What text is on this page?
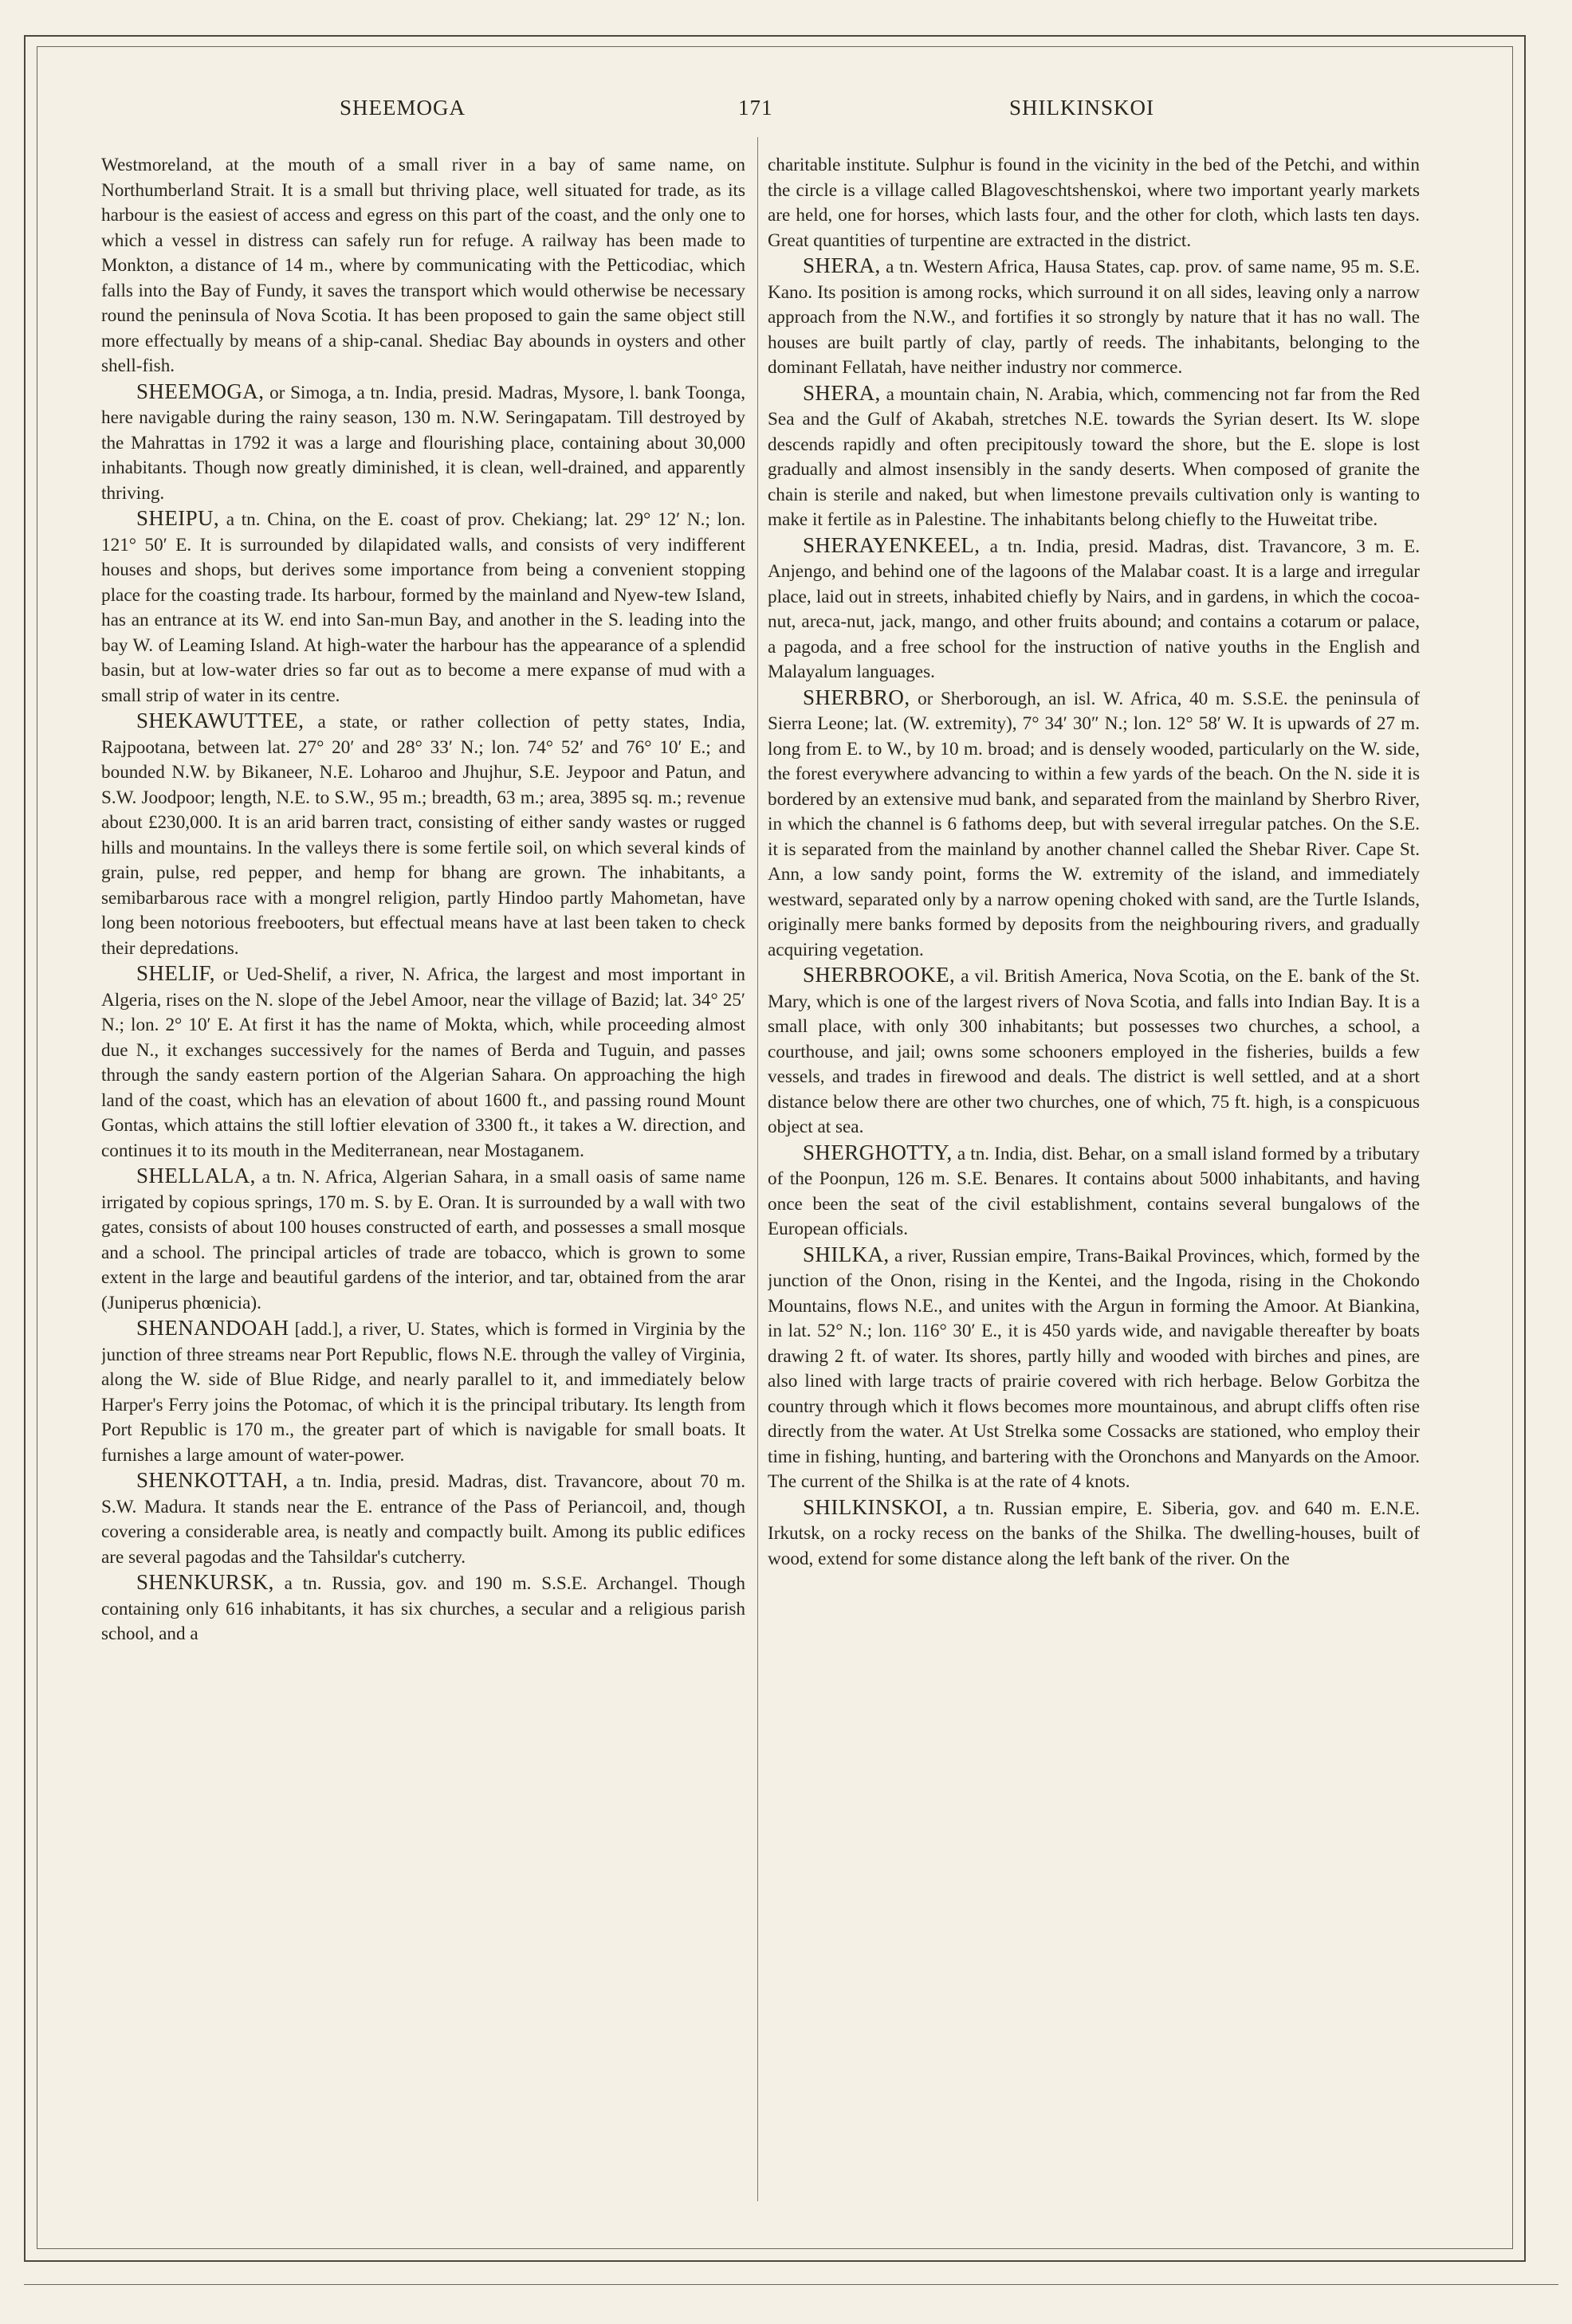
SHEEMOGA	171	SHILKINSKOI

Westmoreland, at the mouth of a small river in a bay of same name, on Northumberland Strait. It is a small but thriving place, well situated for trade, as its harbour is the easiest of access and egress on this part of the coast, and the only one to which a vessel in distress can safely run for refuge. A railway has been made to Monkton, a distance of 14 m., where by communicating with the Petticodiac, which falls into the Bay of Fundy, it saves the transport which would otherwise be necessary round the peninsula of Nova Scotia. It has been proposed to gain the same object still more effectually by means of a ship-canal. Shediac Bay abounds in oysters and other shell-fish.

SHEEMOGA, or Simoga, a tn. India, presid. Madras, Mysore, l. bank Toonga, here navigable during the rainy season, 130 m. N.W. Seringapatam. Till destroyed by the Mahrattas in 1792 it was a large and flourishing place, containing about 30,000 inhabitants. Though now greatly diminished, it is clean, well-drained, and apparently thriving.

SHEIPU, a tn. China, on the E. coast of prov. Chekiang; lat. 29° 12′ N.; lon. 121° 50′ E. It is surrounded by dilapidated walls, and consists of very indifferent houses and shops, but derives some importance from being a convenient stopping place for the coasting trade. Its harbour, formed by the mainland and Nyew-tew Island, has an entrance at its W. end into San-mun Bay, and another in the S. leading into the bay W. of Leaming Island. At high-water the harbour has the appearance of a splendid basin, but at low-water dries so far out as to become a mere expanse of mud with a small strip of water in its centre.

SHEKAWUTTEE, a state, or rather collection of petty states, India, Rajpootana, between lat. 27° 20′ and 28° 33′ N.; lon. 74° 52′ and 76° 10′ E.; and bounded N.W. by Bikaneer, N.E. Loharoo and Jhujhur, S.E. Jeypoor and Patun, and S.W. Joodpoor; length, N.E. to S.W., 95 m.; breadth, 63 m.; area, 3895 sq. m.; revenue about £230,000. It is an arid barren tract, consisting of either sandy wastes or rugged hills and mountains. In the valleys there is some fertile soil, on which several kinds of grain, pulse, red pepper, and hemp for bhang are grown. The inhabitants, a semibarbarous race with a mongrel religion, partly Hindoo partly Mahometan, have long been notorious freebooters, but effectual means have at last been taken to check their depredations.

SHELIF, or Ued-Shelif, a river, N. Africa, the largest and most important in Algeria, rises on the N. slope of the Jebel Amoor, near the village of Bazid; lat. 34° 25′ N.; lon. 2° 10′ E. At first it has the name of Mokta, which, while proceeding almost due N., it exchanges successively for the names of Berda and Tuguin, and passes through the sandy eastern portion of the Algerian Sahara. On approaching the high land of the coast, which has an elevation of about 1600 ft., and passing round Mount Gontas, which attains the still loftier elevation of 3300 ft., it takes a W. direction, and continues it to its mouth in the Mediterranean, near Mostaganem.

SHELLALA, a tn. N. Africa, Algerian Sahara, in a small oasis of same name irrigated by copious springs, 170 m. S. by E. Oran. It is surrounded by a wall with two gates, consists of about 100 houses constructed of earth, and possesses a small mosque and a school. The principal articles of trade are tobacco, which is grown to some extent in the large and beautiful gardens of the interior, and tar, obtained from the arar (Juniperus phœnicia).

SHENANDOAH [add.], a river, U. States, which is formed in Virginia by the junction of three streams near Port Republic, flows N.E. through the valley of Virginia, along the W. side of Blue Ridge, and nearly parallel to it, and immediately below Harper's Ferry joins the Potomac, of which it is the principal tributary. Its length from Port Republic is 170 m., the greater part of which is navigable for small boats. It furnishes a large amount of water-power.

SHENKOTTAH, a tn. India, presid. Madras, dist. Travancore, about 70 m. S.W. Madura. It stands near the E. entrance of the Pass of Periancoil, and, though covering a considerable area, is neatly and compactly built. Among its public edifices are several pagodas and the Tahsildar's cutcherry.

SHENKURSK, a tn. Russia, gov. and 190 m. S.S.E. Archangel. Though containing only 616 inhabitants, it has six churches, a secular and a religious parish school, and a

charitable institute. Sulphur is found in the vicinity in the bed of the Petchi, and within the circle is a village called Blagoveschtshenskoi, where two important yearly markets are held, one for horses, which lasts four, and the other for cloth, which lasts ten days. Great quantities of turpentine are extracted in the district.

SHERA, a tn. Western Africa, Hausa States, cap. prov. of same name, 95 m. S.E. Kano. Its position is among rocks, which surround it on all sides, leaving only a narrow approach from the N.W., and fortifies it so strongly by nature that it has no wall. The houses are built partly of clay, partly of reeds. The inhabitants, belonging to the dominant Fellatah, have neither industry nor commerce.

SHERA, a mountain chain, N. Arabia, which, commencing not far from the Red Sea and the Gulf of Akabah, stretches N.E. towards the Syrian desert. Its W. slope descends rapidly and often precipitously toward the shore, but the E. slope is lost gradually and almost insensibly in the sandy deserts. When composed of granite the chain is sterile and naked, but when limestone prevails cultivation only is wanting to make it fertile as in Palestine. The inhabitants belong chiefly to the Huweitat tribe.

SHERAYENKEEL, a tn. India, presid. Madras, dist. Travancore, 3 m. E. Anjengo, and behind one of the lagoons of the Malabar coast. It is a large and irregular place, laid out in streets, inhabited chiefly by Nairs, and in gardens, in which the cocoa-nut, areca-nut, jack, mango, and other fruits abound; and contains a cotarum or palace, a pagoda, and a free school for the instruction of native youths in the English and Malayalum languages.

SHERBRO, or Sherborough, an isl. W. Africa, 40 m. S.S.E. the peninsula of Sierra Leone; lat. (W. extremity), 7° 34′ 30″ N.; lon. 12° 58′ W. It is upwards of 27 m. long from E. to W., by 10 m. broad; and is densely wooded, particularly on the W. side, the forest everywhere advancing to within a few yards of the beach. On the N. side it is bordered by an extensive mud bank, and separated from the mainland by Sherbro River, in which the channel is 6 fathoms deep, but with several irregular patches. On the S.E. it is separated from the mainland by another channel called the Shebar River. Cape St. Ann, a low sandy point, forms the W. extremity of the island, and immediately westward, separated only by a narrow opening choked with sand, are the Turtle Islands, originally mere banks formed by deposits from the neighbouring rivers, and gradually acquiring vegetation.

SHERBROOKE, a vil. British America, Nova Scotia, on the E. bank of the St. Mary, which is one of the largest rivers of Nova Scotia, and falls into Indian Bay. It is a small place, with only 300 inhabitants; but possesses two churches, a school, a courthouse, and jail; owns some schooners employed in the fisheries, builds a few vessels, and trades in firewood and deals. The district is well settled, and at a short distance below there are other two churches, one of which, 75 ft. high, is a conspicuous object at sea.

SHERGHOTTY, a tn. India, dist. Behar, on a small island formed by a tributary of the Poonpun, 126 m. S.E. Benares. It contains about 5000 inhabitants, and having once been the seat of the civil establishment, contains several bungalows of the European officials.

SHILKA, a river, Russian empire, Trans-Baikal Provinces, which, formed by the junction of the Onon, rising in the Kentei, and the Ingoda, rising in the Chokondo Mountains, flows N.E., and unites with the Argun in forming the Amoor. At Biankina, in lat. 52° N.; lon. 116° 30′ E., it is 450 yards wide, and navigable thereafter by boats drawing 2 ft. of water. Its shores, partly hilly and wooded with birches and pines, are also lined with large tracts of prairie covered with rich herbage. Below Gorbitza the country through which it flows becomes more mountainous, and abrupt cliffs often rise directly from the water. At Ust Strelka some Cossacks are stationed, who employ their time in fishing, hunting, and bartering with the Oronchons and Manyards on the Amoor. The current of the Shilka is at the rate of 4 knots.

SHILKINSKOI, a tn. Russian empire, E. Siberia, gov. and 640 m. E.N.E. Irkutsk, on a rocky recess on the banks of the Shilka. The dwelling-houses, built of wood, extend for some distance along the left bank of the river. On the
